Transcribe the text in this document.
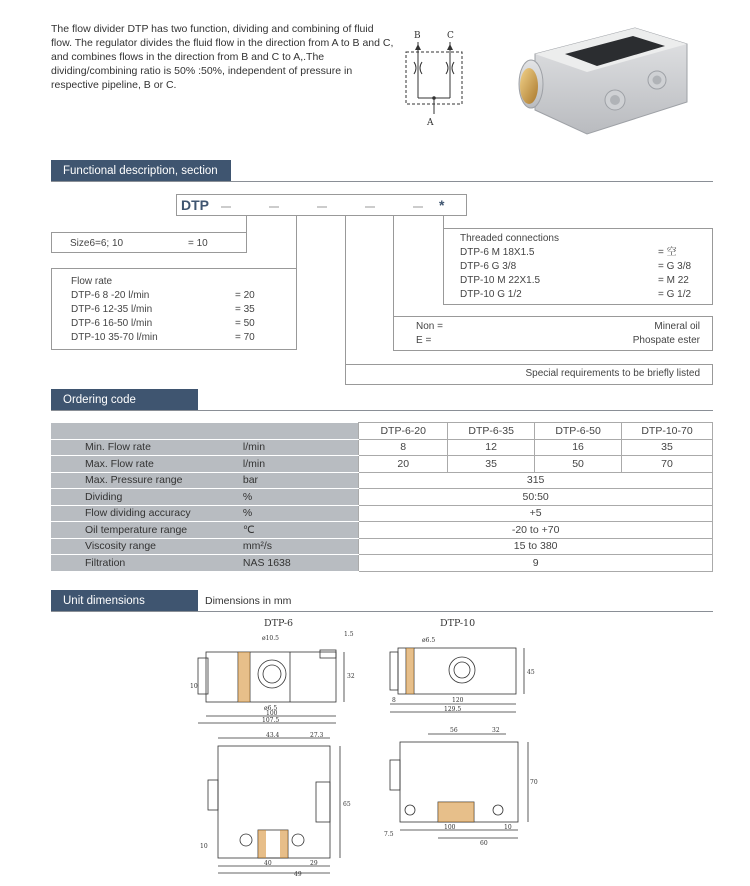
The flow divider DTP has two function, dividing and combining of fluid flow. The regulator divides the fluid flow in the direction from A to B and C, and combines flows in the direction from B and C to A,.The dividing/combining ratio is 50% :50%, independent of pressure in respective pipeline, B or C.
B	C
A
Functional description, section
DTP	*
Size6=6; 10	= 10
Flow rate
DTP-6 8 -20 l/min	= 20
DTP-6 12-35 l/min	= 35
DTP-6 16-50 l/min	= 50
DTP-10 35-70 l/min	= 70
Threaded connections
DTP-6 M 18X1.5	= 空
DTP-6 G 3/8	= G 3/8
DTP-10 M 22X1.5	= M 22
DTP-10 G 1/2	= G 1/2
Non =	Mineral oil
E =	Phospate ester
Special requirements to be briefly listed
Ordering code
		DTP-6-20	DTP-6-35	DTP-6-50	DTP-10-70
Min. Flow rate	l/min	8	12	16	35
Max. Flow rate	l/min	20	35	50	70
Max. Pressure range	bar	315			
Dividing	%	50:50			
Flow dividing accuracy	%	+5			
Oil temperature range	℃	-20 to +70			
Viscosity range	mm²/s	15 to 380			
Filtration	NAS 1638	9			
Unit dimensions	Dimensions in mm
DTP-6
ø10.5
1.5
32
10
ø6.5
100
107.5
43.4	27.3
65
40	29
49
10
DTP-10
ø6.5
45
8	120
129.5
56	32
70
7.5
100	10
60
